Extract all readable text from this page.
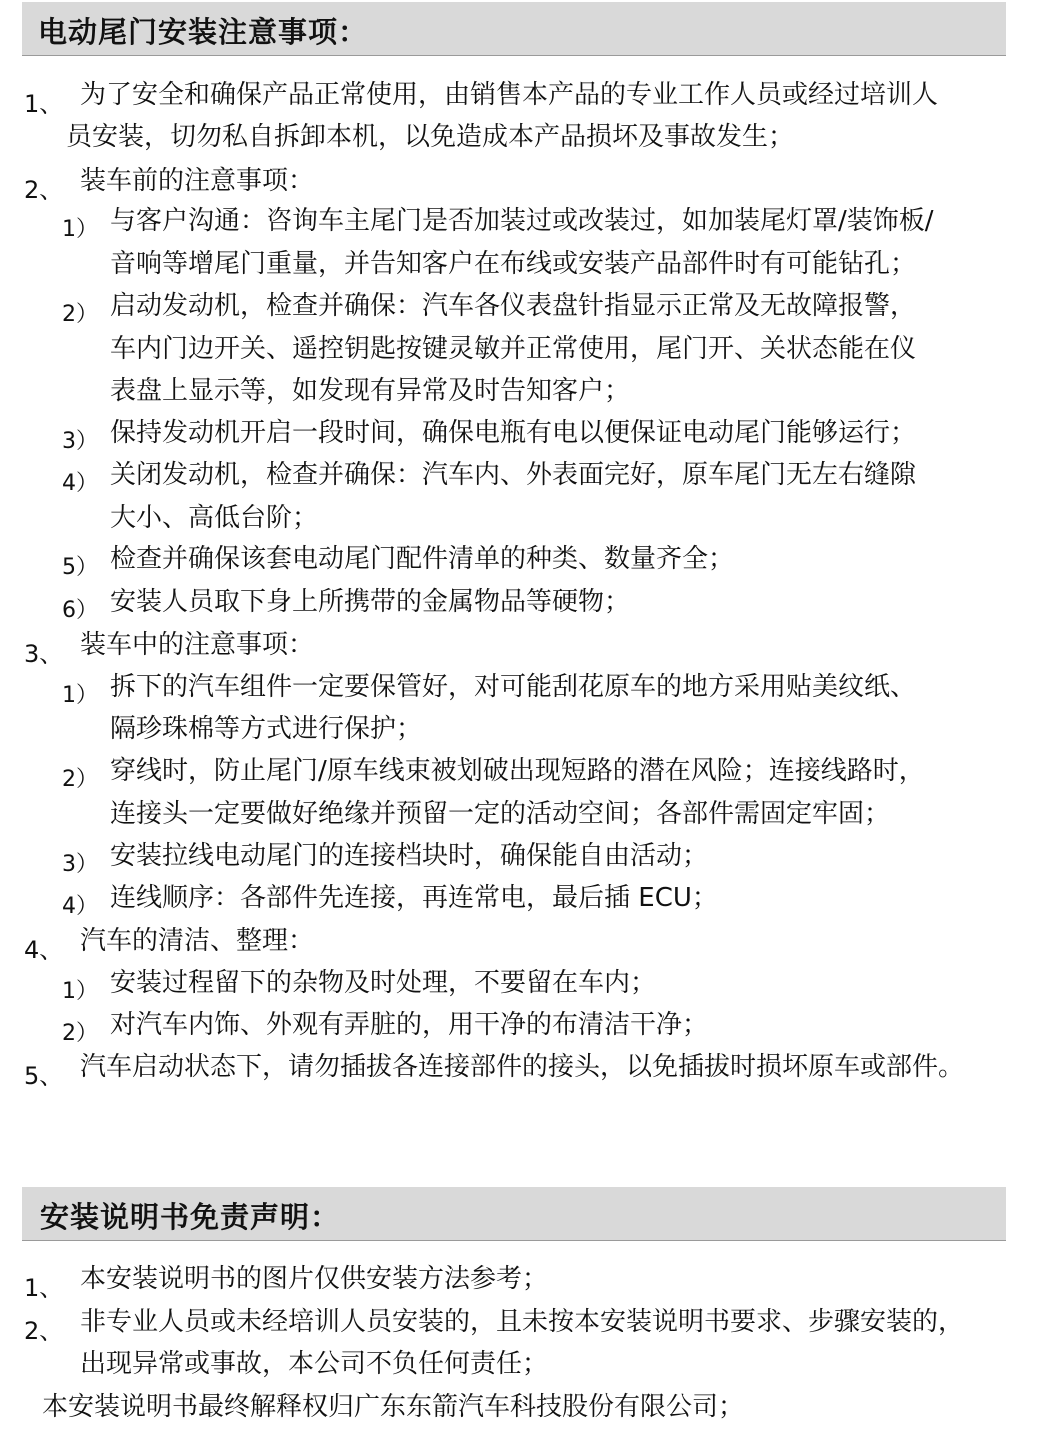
电动尾门安装注意事项：
1、 为了安全和确保产品正常使用，由销售本产品的专业工作人员或经过培训人
员安装，切勿私自拆卸本机，以免造成本产品损坏及事故发生；
2、 装车前的注意事项：
1） 与客户沟通：咨询车主尾门是否加装过或改装过，如加装尾灯罩/装饰板/
音响等增尾门重量，并告知客户在布线或安装产品部件时有可能钻孔；
2） 启动发动机，检查并确保：汽车各仪表盘针指显示正常及无故障报警，
车内门边开关、遥控钥匙按键灵敏并正常使用，尾门开、关状态能在仪
表盘上显示等，如发现有异常及时告知客户；
3） 保持发动机开启一段时间，确保电瓶有电以便保证电动尾门能够运行；
4） 关闭发动机，检查并确保：汽车内、外表面完好，原车尾门无左右缝隙
大小、高低台阶；
5） 检查并确保该套电动尾门配件清单的种类、数量齐全；
6） 安装人员取下身上所携带的金属物品等硬物；
3、 装车中的注意事项：
1） 拆下的汽车组件一定要保管好，对可能刮花原车的地方采用贴美纹纸、
隔珍珠棉等方式进行保护；
2） 穿线时，防止尾门/原车线束被划破出现短路的潜在风险；连接线路时，
连接头一定要做好绝缘并预留一定的活动空间；各部件需固定牢固；
3） 安装拉线电动尾门的连接档块时，确保能自由活动；
4） 连线顺序：各部件先连接，再连常电，最后插 ECU；
4、 汽车的清洁、整理：
1） 安装过程留下的杂物及时处理，不要留在车内；
2） 对汽车内饰、外观有弄脏的，用干净的布清洁干净；
5、 汽车启动状态下，请勿插拔各连接部件的接头，以免插拔时损坏原车或部件。
安装说明书免责声明：
1、 本安装说明书的图片仅供安装方法参考；
2、 非专业人员或未经培训人员安装的，且未按本安装说明书要求、步骤安装的，
出现异常或事故，本公司不负任何责任；
本安装说明书最终解释权归广东东箭汽车科技股份有限公司；
